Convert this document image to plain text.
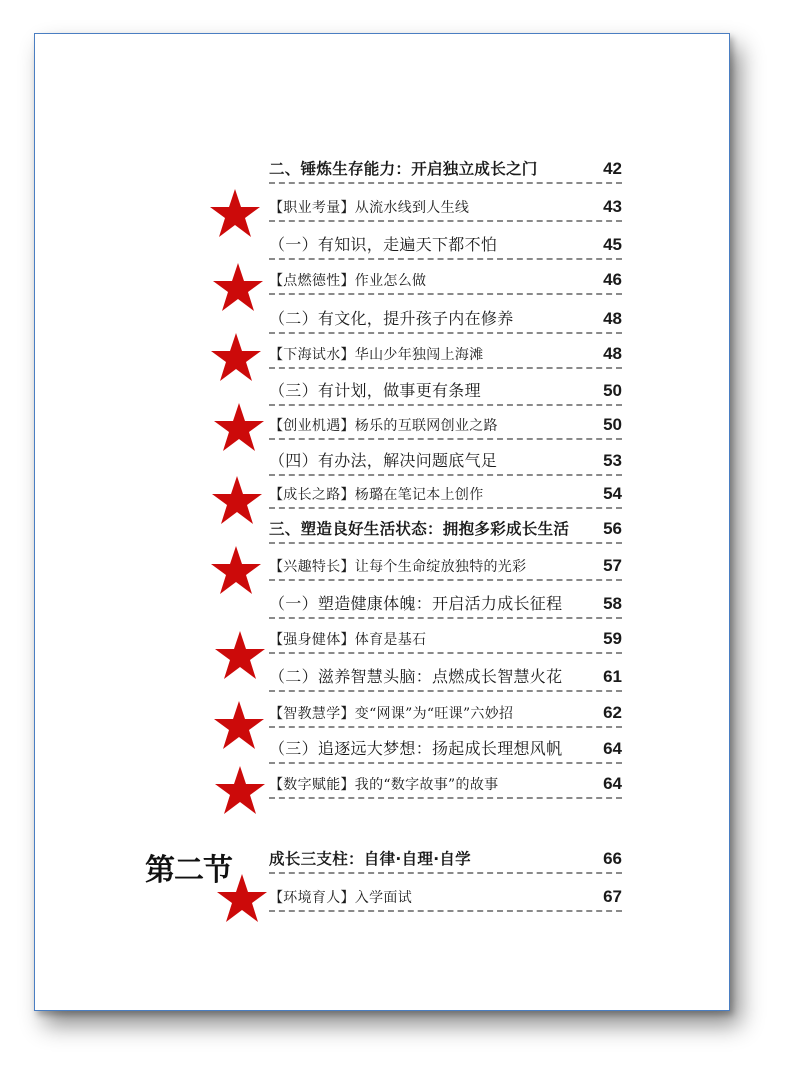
第二节
二、锤炼生存能力：开启独立成长之门	42
【职业考量】从流水线到人生线	43
（一）有知识，走遍天下都不怕	45
【点燃德性】作业怎么做	46
（二）有文化，提升孩子内在修养	48
【下海试水】华山少年独闯上海滩	48
（三）有计划，做事更有条理	50
【创业机遇】杨乐的互联网创业之路	50
（四）有办法，解决问题底气足	53
【成长之路】杨璐在笔记本上创作	54
三、塑造良好生活状态：拥抱多彩成长生活 56
【兴趣特长】让每个生命绽放独特的光彩	57
（一）塑造健康体魄：开启活力成长征程 58
【强身健体】体育是基石	59
（二）滋养智慧头脑：点燃成长智慧火花 61
【智教慧学】变“网课”为“旺课”六妙招	62
（三）追逐远大梦想：扬起成长理想风帆 64
【数字赋能】我的“数字故事”的故事	64
成长三支柱：自律·自理·自学	66
【环境育人】入学面试	67
